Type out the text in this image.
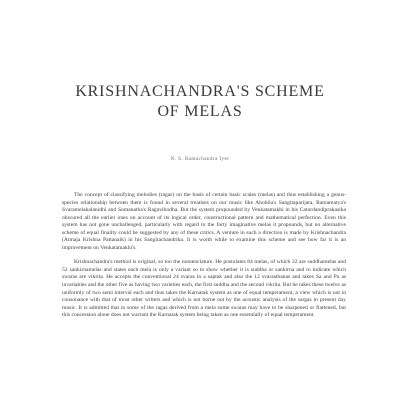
KRISHNACHANDRA'S SCHEME
OF MELAS
N. S. Ramachandra Iyer

The concept of classifying melodies (ragas) on the basis of certain basic scales (melas) and thus establishing a genus-species relationship between them is found in several treatises on our music like Ahobila's Sangitaparijata, Ramamatya's Svaramelakalanidhi and Somanatha's Ragavibodha. But the system propounded by Venkatamakhi in his Caturdandiprakasika obscured all the earlier ones on account of its logical order, constructional pattern and mathematical perfection. Even this system has not gone unchallenged, particularly with regard to the forty imaginative melas it propounds, but no alternative scheme of equal finality could be suggested by any of these critics. A venture in such a direction is made by Krishnachandra (Atmaja Krishna Pattanaik) in his Sangitachandrika. It is worth while to examine this scheme and see how far it is an improvement on Venkatamakhi's.

Krishnachandra's method is original, so too the nomenclature. He postulates 84 melas, of which 32 are suddhamelas and 52 sankirnamelas and states each mela is only a variant so to show whether it is suddha or sankirna and to indicate which swaras are vikrita. He accepts the conventional 24 svaras in a saptak and also the 12 svarasthanas and takes Sa and Pa as invariables and the other five as having two varieties each, the first suddha and the second vikrita. But he takes these twelve as uniformly of two semi interval each and thus takes the Karnatak system as one of equal temperament, a view which is not in consonance with that of most other writers and which is not borne out by the acoustic analysis of the sargas in present day music. It is admitted that in some of the ragas derived from a mela some swaras may have to be sharpened or flattened, but this concession alone does not warrant the Karnatak system being taken as one essentially of equal temperament.
